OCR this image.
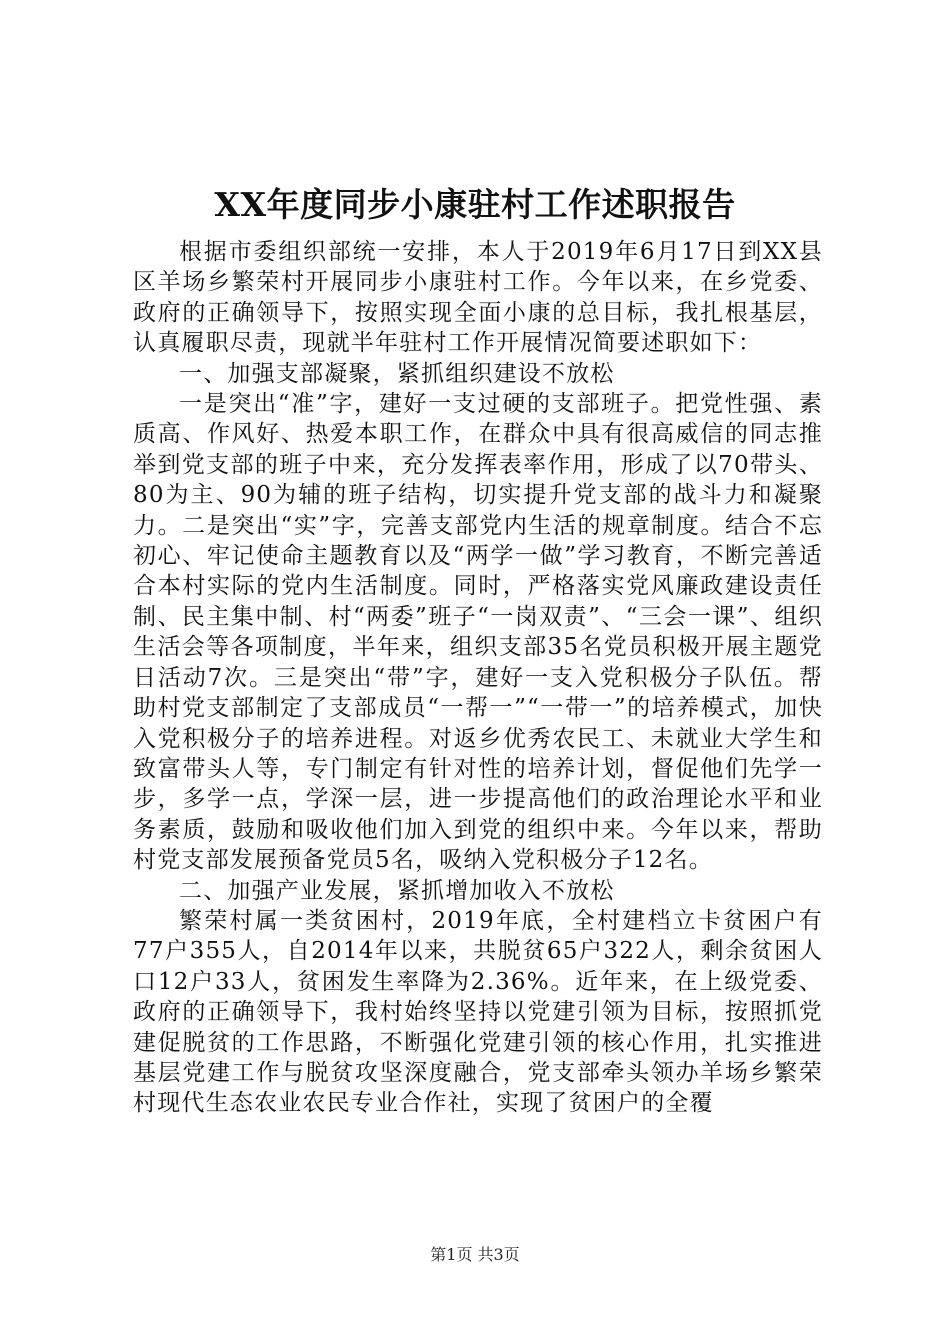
XX年度同步小康驻村工作述职报告

根据市委组织部统一安排，本人于2019年6月17日到XX县区羊场乡繁荣村开展同步小康驻村工作。今年以来，在乡党委、政府的正确领导下，按照实现全面小康的总目标，我扎根基层，认真履职尽责，现就半年驻村工作开展情况简要述职如下：

一、加强支部凝聚，紧抓组织建设不放松

一是突出“准”字，建好一支过硬的支部班子。把党性强、素质高、作风好、热爱本职工作，在群众中具有很高威信的同志推举到党支部的班子中来，充分发挥表率作用，形成了以70带头、80为主、90为辅的班子结构，切实提升党支部的战斗力和凝聚力。二是突出“实”字，完善支部党内生活的规章制度。结合不忘初心、牢记使命主题教育以及“两学一做”学习教育，不断完善适合本村实际的党内生活制度。同时，严格落实党风廉政建设责任制、民主集中制、村“两委”班子“一岗双责”、“三会一课”、组织生活会等各项制度，半年来，组织支部35名党员积极开展主题党日活动7次。三是突出“带”字，建好一支入党积极分子队伍。帮助村党支部制定了支部成员“一帮一”“一带一”的培养模式，加快入党积极分子的培养进程。对返乡优秀农民工、未就业大学生和致富带头人等，专门制定有针对性的培养计划，督促他们先学一步，多学一点，学深一层，进一步提高他们的政治理论水平和业务素质，鼓励和吸收他们加入到党的组织中来。今年以来，帮助村党支部发展预备党员5名，吸纳入党积极分子12名。

二、加强产业发展，紧抓增加收入不放松

繁荣村属一类贫困村，2019年底，全村建档立卡贫困户有77户355人，自2014年以来，共脱贫65户322人，剩余贫困人口12户33人，贫困发生率降为2.36%。近年来，在上级党委、政府的正确领导下，我村始终坚持以党建引领为目标，按照抓党建促脱贫的工作思路，不断强化党建引领的核心作用，扎实推进基层党建工作与脱贫攻坚深度融合，党支部牵头领办羊场乡繁荣村现代生态农业农民专业合作社，实现了贫困户的全覆

第1页 共3页
